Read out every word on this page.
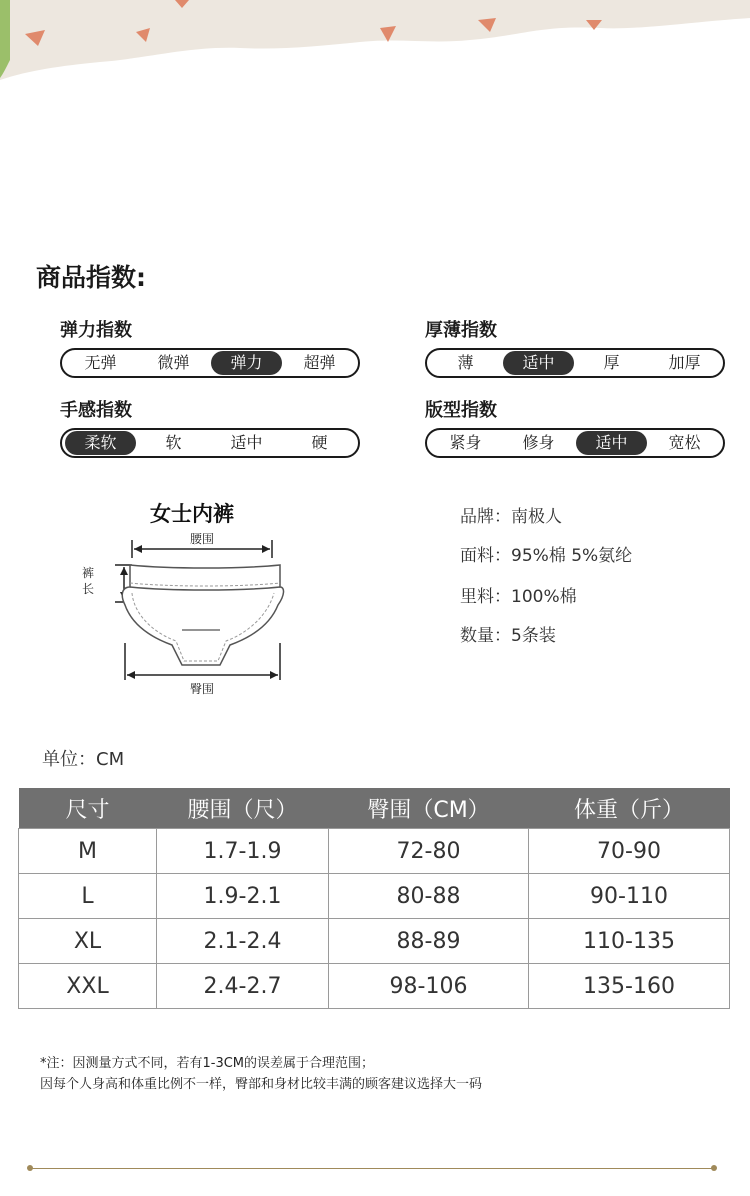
商品指数:
弹力指数
无弹	微弹	弹力	超弹
厚薄指数
薄	适中	厚	加厚
手感指数
柔软	软	适中	硬
版型指数
紧身	修身	适中	宽松
女士内裤
腰围
裤
长
臀围
品牌：南极人
面料：95%棉 5%氨纶
里料：100%棉
数量：5条装
单位：CM
尺寸	腰围（尺）	臀围（CM）	体重（斤）
M	1.7-1.9	72-80	70-90
L	1.9-2.1	80-88	90-110
XL	2.1-2.4	88-89	110-135
XXL	2.4-2.7	98-106	135-160
*注：因测量方式不同，若有1-3CM的误差属于合理范围；
因每个人身高和体重比例不一样，臀部和身材比较丰满的顾客建议选择大一码
